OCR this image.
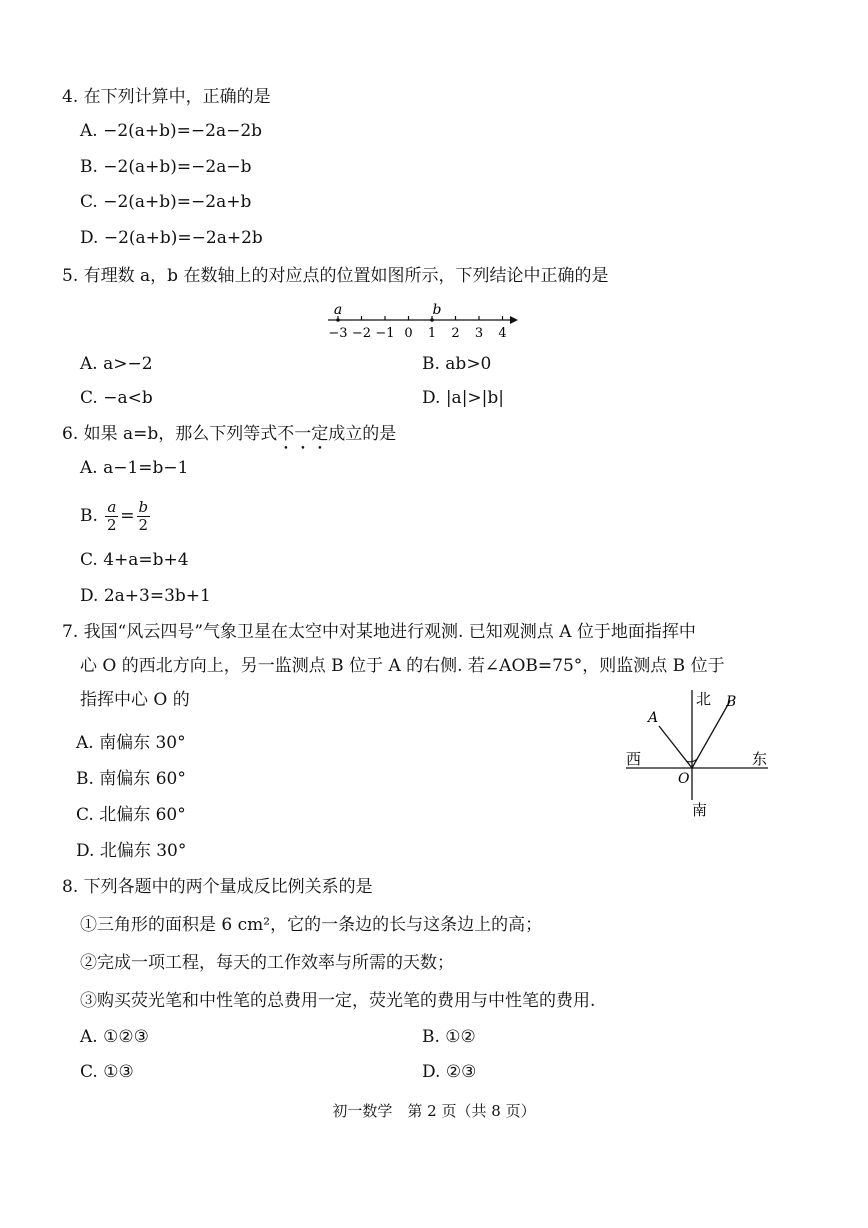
4. 在下列计算中，正确的是
A. −2(a+b)=−2a−2b
B. −2(a+b)=−2a−b
C. −2(a+b)=−2a+b
D. −2(a+b)=−2a+2b
5. 有理数 a，b 在数轴上的对应点的位置如图所示，下列结论中正确的是
−3 −2 −1 0 1 2 3 4
a	b
A. a>−2	B. ab>0
C. −a<b	D. |a|>|b|
6. 如果 a=b，那么下列等式不一定成立的是
A. a−1=b−1
B. $\frac{a}{2} = \frac{b}{2}$
C. 4+a=b+4
D. 2a+3=3b+1
7. 我国“风云四号”气象卫星在太空中对某地进行观测. 已知观测点 A 位于地面指挥中
心 O 的西北方向上，另一监测点 B 位于 A 的右侧. 若∠AOB=75°，则监测点 B 位于
指挥中心 O 的
A. 南偏东 30°
B. 南偏东 60°
C. 北偏东 60°
D. 北偏东 30°
北
南
西	东
O
A
B
8. 下列各题中的两个量成反比例关系的是
①三角形的面积是 6 cm²，它的一条边的长与这条边上的高；
②完成一项工程，每天的工作效率与所需的天数；
③购买荧光笔和中性笔的总费用一定，荧光笔的费用与中性笔的费用.
A. ①②③	B. ①②
C. ①③	D. ②③
初一数学　第 2 页（共 8 页）
